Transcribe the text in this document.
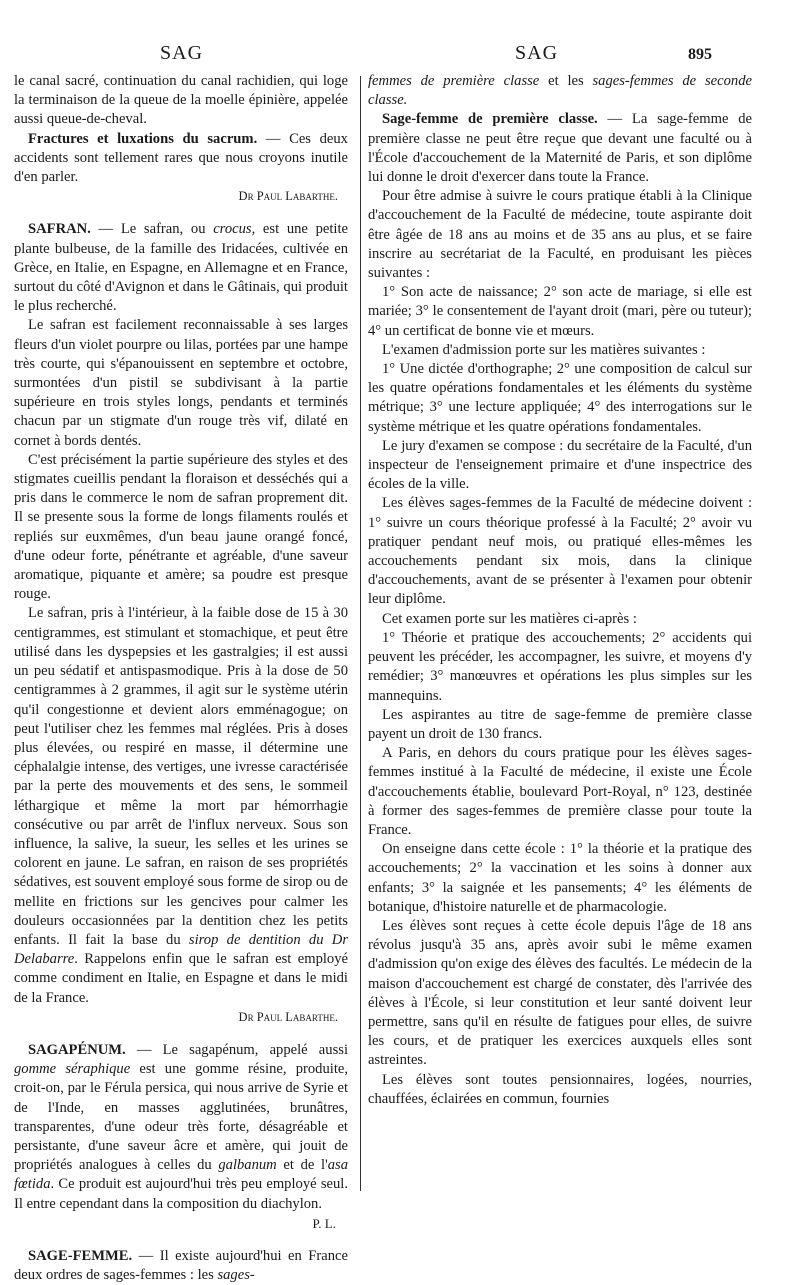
SAG	SAG	895

le canal sacré, continuation du canal rachidien, qui loge la terminaison de la queue de la moelle épinière, appelée aussi queue-de-cheval.

Fractures et luxations du sacrum. — Ces deux accidents sont tellement rares que nous croyons inutile d'en parler.

Dr Paul Labarthe.

SAFRAN. — Le safran, ou crocus, est une petite plante bulbeuse, de la famille des Iridacées, cultivée en Grèce, en Italie, en Espagne, en Allemagne et en France, surtout du côté d'Avignon et dans le Gâtinais, qui produit le plus recherché.

Le safran est facilement reconnaissable à ses larges fleurs d'un violet pourpre ou lilas, portées par une hampe très courte, qui s'épanouissent en septembre et octobre, surmontées d'un pistil se subdivisant à la partie supérieure en trois styles longs, pendants et terminés chacun par un stigmate d'un rouge très vif, dilaté en cornet à bords dentés.

C'est précisément la partie supérieure des styles et des stigmates cueillis pendant la floraison et desséchés qui a pris dans le commerce le nom de safran proprement dit. Il se presente sous la forme de longs filaments roulés et repliés sur euxmêmes, d'un beau jaune orangé foncé, d'une odeur forte, pénétrante et agréable, d'une saveur aromatique, piquante et amère; sa poudre est presque rouge.

Le safran, pris à l'intérieur, à la faible dose de 15 à 30 centigrammes, est stimulant et stomachique, et peut être utilisé dans les dyspepsies et les gastralgies; il est aussi un peu sédatif et antispasmodique. Pris à la dose de 50 centigrammes à 2 grammes, il agit sur le système utérin qu'il congestionne et devient alors emménagogue; on peut l'utiliser chez les femmes mal réglées. Pris à doses plus élevées, ou respiré en masse, il détermine une céphalalgie intense, des vertiges, une ivresse caractérisée par la perte des mouvements et des sens, le sommeil léthargique et même la mort par hémorrhagie consécutive ou par arrêt de l'influx nerveux. Sous son influence, la salive, la sueur, les selles et les urines se colorent en jaune. Le safran, en raison de ses propriétés sédatives, est souvent employé sous forme de sirop ou de mellite en frictions sur les gencives pour calmer les douleurs occasionnées par la dentition chez les petits enfants. Il fait la base du sirop de dentition du Dr Delabarre. Rappelons enfin que le safran est employé comme condiment en Italie, en Espagne et dans le midi de la France.

Dr Paul Labarthe.

SAGAPÉNUM. — Le sagapénum, appelé aussi gomme séraphique est une gomme résine, produite, croit-on, par le Férula persica, qui nous arrive de Syrie et de l'Inde, en masses agglutinées, brunâtres, transparentes, d'une odeur très forte, désagréable et persistante, d'une saveur âcre et amère, qui jouit de propriétés analogues à celles du galbanum et de l'asa fœtida. Ce produit est aujourd'hui très peu employé seul. Il entre cependant dans la composition du diachylon.

P. L.

SAGE-FEMME. — Il existe aujourd'hui en France deux ordres de sages-femmes : les sages-

femmes de première classe et les sages-femmes de seconde classe.

Sage-femme de première classe. — La sage-femme de première classe ne peut être reçue que devant une faculté ou à l'École d'accouchement de la Maternité de Paris, et son diplôme lui donne le droit d'exercer dans toute la France.

Pour être admise à suivre le cours pratique établi à la Clinique d'accouchement de la Faculté de médecine, toute aspirante doit être âgée de 18 ans au moins et de 35 ans au plus, et se faire inscrire au secrétariat de la Faculté, en produisant les pièces suivantes :

1° Son acte de naissance; 2° son acte de mariage, si elle est mariée; 3° le consentement de l'ayant droit (mari, père ou tuteur); 4° un certificat de bonne vie et mœurs.

L'examen d'admission porte sur les matières suivantes :

1° Une dictée d'orthographe; 2° une composition de calcul sur les quatre opérations fondamentales et les éléments du système métrique; 3° une lecture appliquée; 4° des interrogations sur le système métrique et les quatre opérations fondamentales.

Le jury d'examen se compose : du secrétaire de la Faculté, d'un inspecteur de l'enseignement primaire et d'une inspectrice des écoles de la ville.

Les élèves sages-femmes de la Faculté de médecine doivent : 1° suivre un cours théorique professé à la Faculté; 2° avoir vu pratiquer pendant neuf mois, ou pratiqué elles-mêmes les accouchements pendant six mois, dans la clinique d'accouchements, avant de se présenter à l'examen pour obtenir leur diplôme.

Cet examen porte sur les matières ci-après :

1° Théorie et pratique des accouchements; 2° accidents qui peuvent les précéder, les accompagner, les suivre, et moyens d'y remédier; 3° manœuvres et opérations les plus simples sur les mannequins.

Les aspirantes au titre de sage-femme de première classe payent un droit de 130 francs.

A Paris, en dehors du cours pratique pour les élèves sages-femmes institué à la Faculté de médecine, il existe une École d'accouchements établie, boulevard Port-Royal, n° 123, destinée à former des sages-femmes de première classe pour toute la France.

On enseigne dans cette école : 1° la théorie et la pratique des accouchements; 2° la vaccination et les soins à donner aux enfants; 3° la saignée et les pansements; 4° les éléments de botanique, d'histoire naturelle et de pharmacologie.

Les élèves sont reçues à cette école depuis l'âge de 18 ans révolus jusqu'à 35 ans, après avoir subi le même examen d'admission qu'on exige des élèves des facultés. Le médecin de la maison d'accouchement est chargé de constater, dès l'arrivée des élèves à l'École, si leur constitution et leur santé doivent leur permettre, sans qu'il en résulte de fatigues pour elles, de suivre les cours, et de pratiquer les exercices auxquels elles sont astreintes.

Les élèves sont toutes pensionnaires, logées, nourries, chauffées, éclairées en commun, fournies
